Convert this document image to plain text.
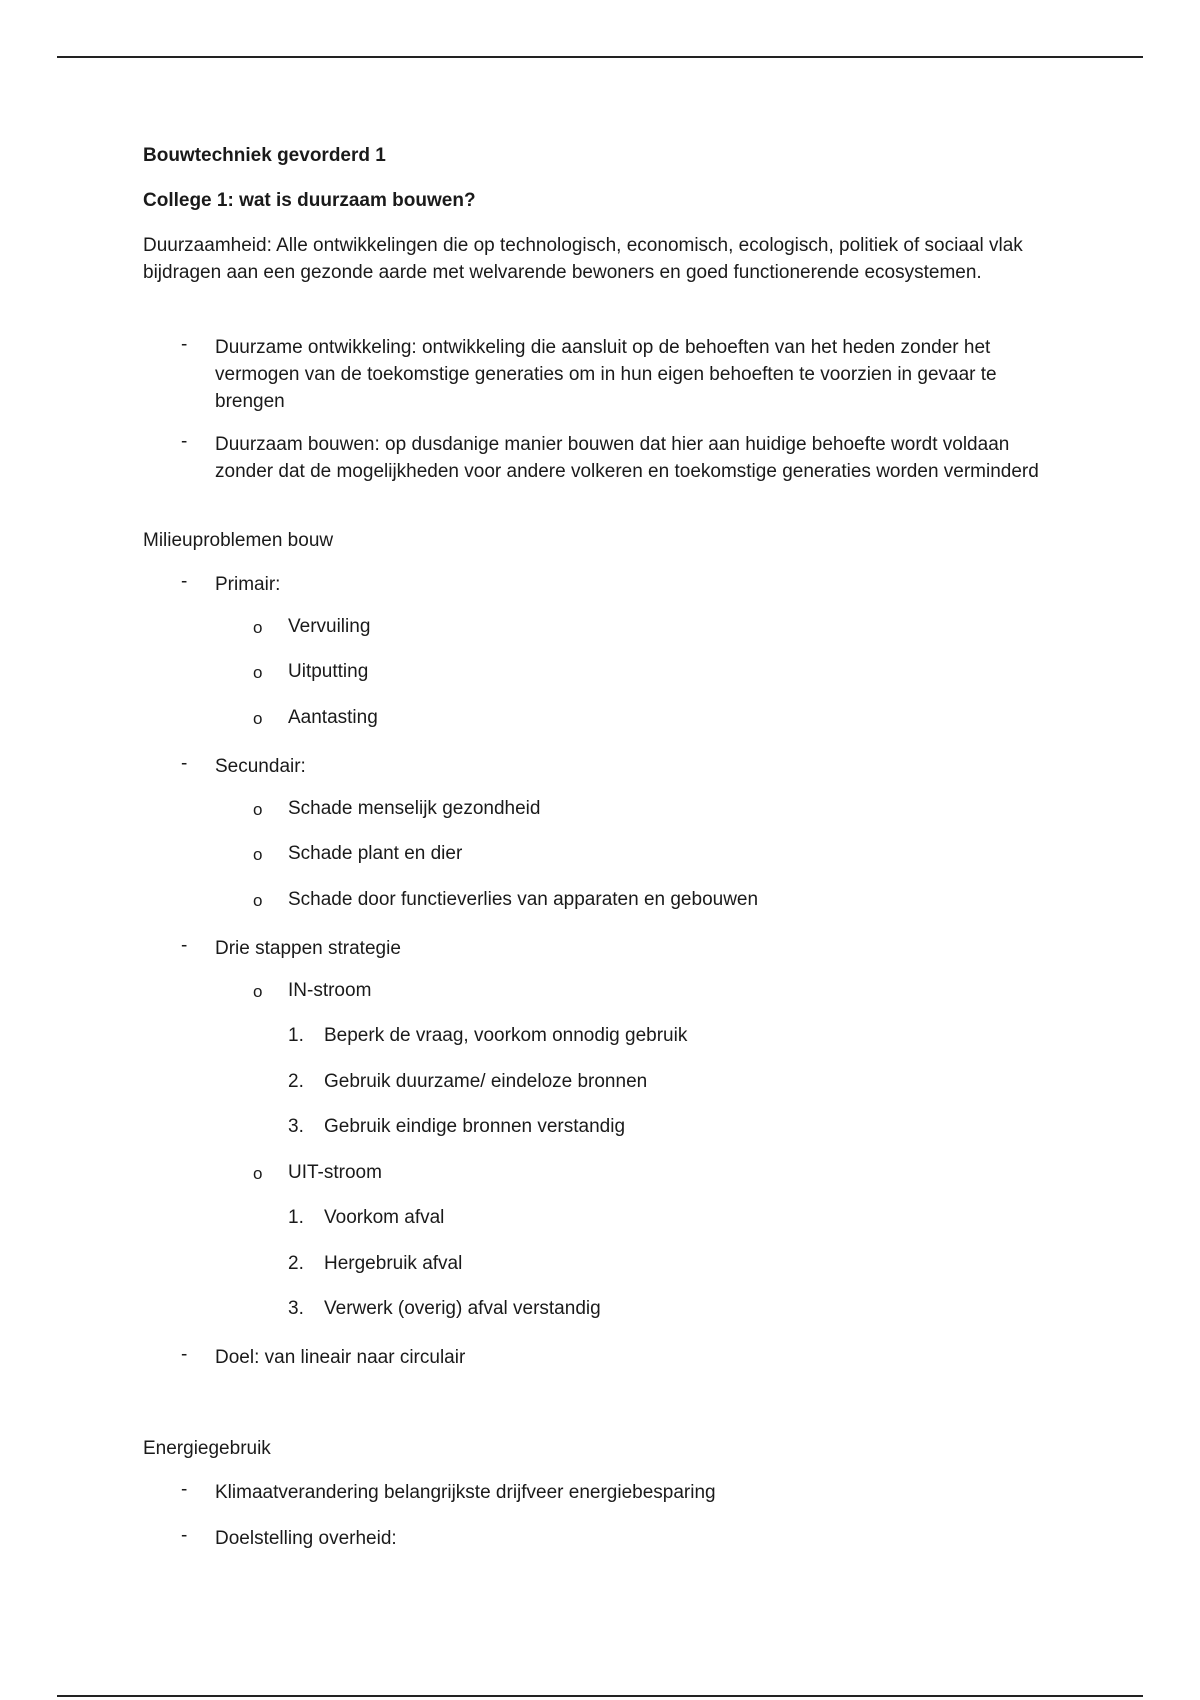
Bouwtechniek gevorderd 1
College 1: wat is duurzaam bouwen?
Duurzaamheid: Alle ontwikkelingen die op technologisch, economisch, ecologisch, politiek of sociaal vlak bijdragen aan een gezonde aarde met welvarende bewoners en goed functionerende ecosystemen.
- Duurzame ontwikkeling: ontwikkeling die aansluit op de behoeften van het heden zonder het vermogen van de toekomstige generaties om in hun eigen behoeften te voorzien in gevaar te brengen
- Duurzaam bouwen: op dusdanige manier bouwen dat hier aan huidige behoefte wordt voldaan zonder dat de mogelijkheden voor andere volkeren en toekomstige generaties worden verminderd
Milieuproblemen bouw
- Primair:
o Vervuiling
o Uitputting
o Aantasting
- Secundair:
o Schade menselijk gezondheid
o Schade plant en dier
o Schade door functieverlies van apparaten en gebouwen
- Drie stappen strategie
o IN-stroom
1. Beperk de vraag, voorkom onnodig gebruik
2. Gebruik duurzame/ eindeloze bronnen
3. Gebruik eindige bronnen verstandig
o UIT-stroom
1. Voorkom afval
2. Hergebruik afval
3. Verwerk (overig) afval verstandig
- Doel: van lineair naar circulair
Energiegebruik
- Klimaatverandering belangrijkste drijfveer energiebesparing
- Doelstelling overheid:
